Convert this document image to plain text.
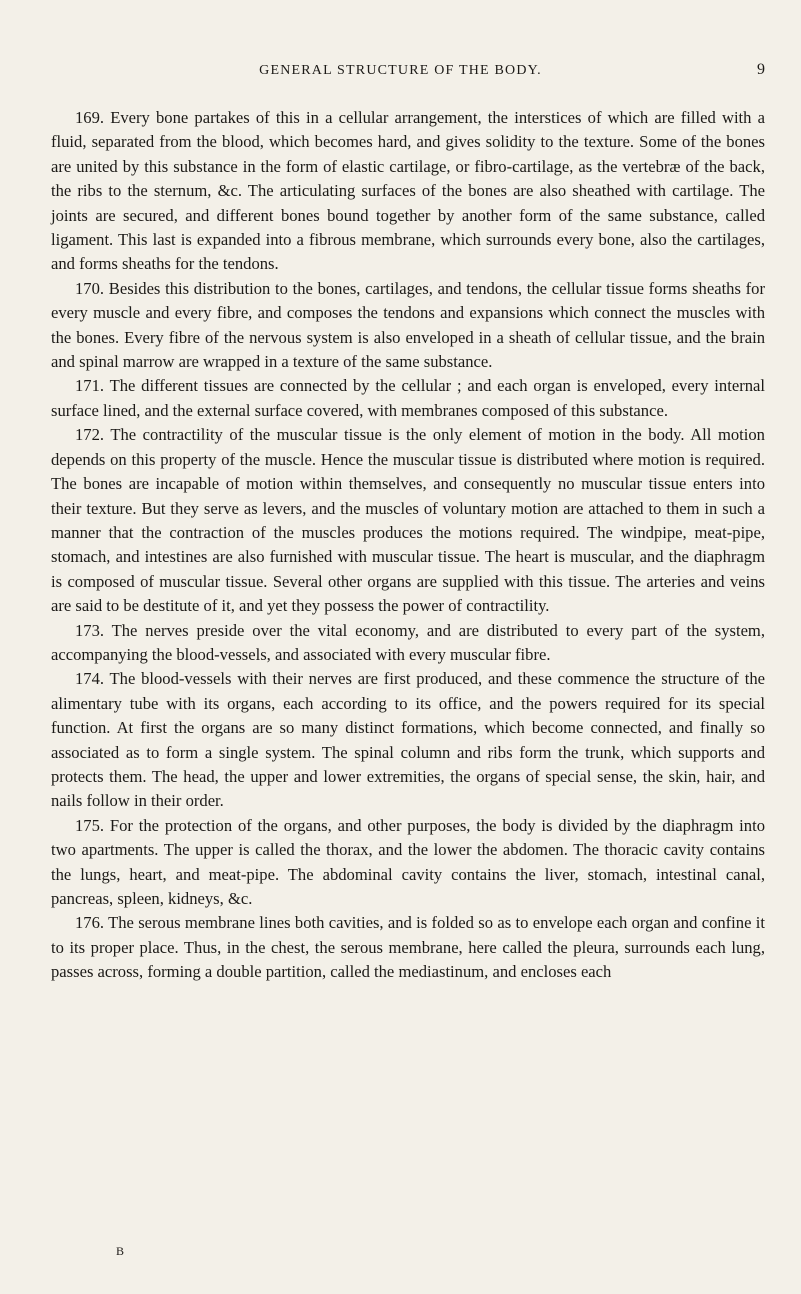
GENERAL STRUCTURE OF THE BODY.	9

169. Every bone partakes of this in a cellular arrangement, the interstices of which are filled with a fluid, separated from the blood, which becomes hard, and gives solidity to the texture. Some of the bones are united by this substance in the form of elastic cartilage, or fibro-cartilage, as the vertebræ of the back, the ribs to the sternum, &c. The articulating surfaces of the bones are also sheathed with cartilage. The joints are secured, and different bones bound together by another form of the same substance, called ligament. This last is expanded into a fibrous membrane, which surrounds every bone, also the cartilages, and forms sheaths for the tendons.

170. Besides this distribution to the bones, cartilages, and tendons, the cellular tissue forms sheaths for every muscle and every fibre, and composes the tendons and expansions which connect the muscles with the bones. Every fibre of the nervous system is also enveloped in a sheath of cellular tissue, and the brain and spinal marrow are wrapped in a texture of the same substance.

171. The different tissues are connected by the cellular ; and each organ is enveloped, every internal surface lined, and the external surface covered, with membranes composed of this substance.

172. The contractility of the muscular tissue is the only element of motion in the body. All motion depends on this property of the muscle. Hence the muscular tissue is distributed where motion is required. The bones are incapable of motion within themselves, and consequently no muscular tissue enters into their texture. But they serve as levers, and the muscles of voluntary motion are attached to them in such a manner that the contraction of the muscles produces the motions required. The windpipe, meat-pipe, stomach, and intestines are also furnished with muscular tissue. The heart is muscular, and the diaphragm is composed of muscular tissue. Several other organs are supplied with this tissue. The arteries and veins are said to be destitute of it, and yet they possess the power of contractility.

173. The nerves preside over the vital economy, and are distributed to every part of the system, accompanying the blood-vessels, and associated with every muscular fibre.

174. The blood-vessels with their nerves are first produced, and these commence the structure of the alimentary tube with its organs, each according to its office, and the powers required for its special function. At first the organs are so many distinct formations, which become connected, and finally so associated as to form a single system. The spinal column and ribs form the trunk, which supports and protects them. The head, the upper and lower extremities, the organs of special sense, the skin, hair, and nails follow in their order.

175. For the protection of the organs, and other purposes, the body is divided by the diaphragm into two apartments. The upper is called the thorax, and the lower the abdomen. The thoracic cavity contains the lungs, heart, and meat-pipe. The abdominal cavity contains the liver, stomach, intestinal canal, pancreas, spleen, kidneys, &c.

176. The serous membrane lines both cavities, and is folded so as to envelope each organ and confine it to its proper place. Thus, in the chest, the serous membrane, here called the pleura, surrounds each lung, passes across, forming a double partition, called the mediastinum, and encloses each

B
